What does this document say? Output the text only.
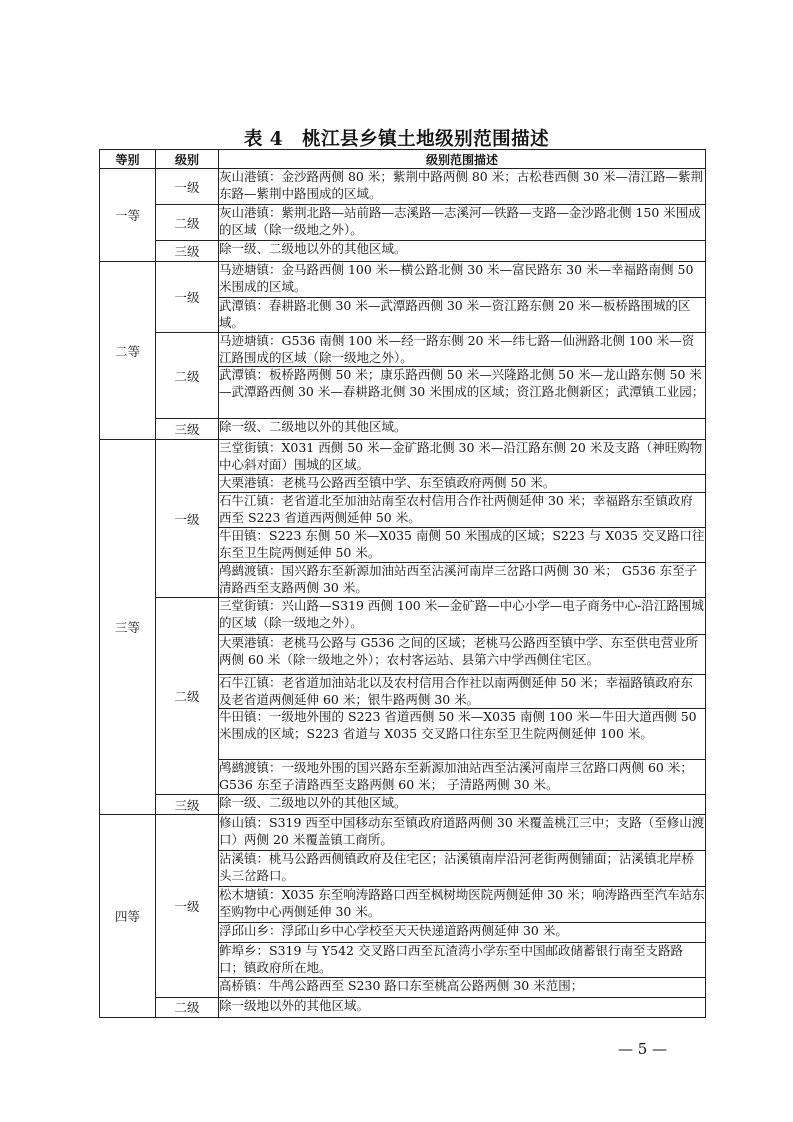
表 4　桃江县乡镇土地级别范围描述
等别	级别	级别范围描述
一等	一级	灰山港镇：金沙路两侧 80 米；紫荆中路两侧 80 米；古松巷西侧 30 米—清江路—紫荆东路—紫荆中路围成的区域。
	二级	灰山港镇：紫荆北路—站前路—志溪路—志溪河—铁路—支路—金沙路北侧 150 米围成的区域（除一级地之外）。
	三级	除一级、二级地以外的其他区域。
二等	一级	马迹塘镇：金马路西侧 100 米—横公路北侧 30 米—富民路东 30 米—幸福路南侧 50 米围成的区域。
		武潭镇：春耕路北侧 30 米—武潭路西侧 30 米—资江路东侧 20 米—板桥路围城的区域。
	二级	马迹塘镇：G536 南侧 100 米—经一路东侧 20 米—纬七路—仙洲路北侧 100 米—资江路围成的区域（除一级地之外）。
		武潭镇：板桥路两侧 50 米；康乐路西侧 50 米—兴隆路北侧 50 米—龙山路东侧 50 米—武潭路西侧 30 米—春耕路北侧 30 米围成的区域；资江路北侧新区；武潭镇工业园；
	三级	除一级、二级地以外的其他区域。
三等	一级	三堂街镇：X031 西侧 50 米—金矿路北侧 30 米—沿江路东侧 20 米及支路（神旺购物中心斜对面）围城的区域。
		大栗港镇：老桃马公路西至镇中学、东至镇政府两侧 50 米。
		石牛江镇：老省道北至加油站南至农村信用合作社两侧延伸 30 米；幸福路东至镇政府西至 S223 省道西两侧延伸 50 米。
		牛田镇：S223 东侧 50 米—X035 南侧 50 米围成的区域；S223 与 X035 交叉路口往东至卫生院两侧延伸 50 米。
		鸬鹚渡镇：国兴路东至新源加油站西至沾溪河南岸三岔路口两侧 30 米； G536 东至子清路西至支路两侧 30 米。
	二级	三堂街镇：兴山路—S319 西侧 100 米—金矿路—中心小学—电子商务中心-沿江路围城的区域（除一级地之外）。
		大栗港镇：老桃马公路与 G536 之间的区域；老桃马公路西至镇中学、东至供电营业所两侧 60 米（除一级地之外）；农村客运站、县第六中学西侧住宅区。
		石牛江镇：老省道加油站北以及农村信用合作社以南两侧延伸 50 米；幸福路镇政府东及老省道两侧延伸 60 米；银牛路两侧 30 米。
		牛田镇：一级地外围的 S223 省道西侧 50 米—X035 南侧 100 米—牛田大道西侧 50 米围成的区域；S223 省道与 X035 交叉路口往东至卫生院两侧延伸 100 米。
		鸬鹚渡镇：一级地外围的国兴路东至新源加油站西至沾溪河南岸三岔路口两侧 60 米； G536 东至子清路西至支路两侧 60 米； 子清路两侧 30 米。
	三级	除一级、二级地以外的其他区域。
四等	一级	修山镇：S319 西至中国移动东至镇政府道路两侧 30 米覆盖桃江三中；支路（至修山渡口）两侧 20 米覆盖镇工商所。
		沾溪镇：桃马公路西侧镇政府及住宅区；沾溪镇南岸沿河老街两侧铺面；沾溪镇北岸桥头三岔路口。
		松木塘镇：X035 东至响涛路路口西至枫树坳医院两侧延伸 30 米；响涛路西至汽车站东至购物中心两侧延伸 30 米。
		浮邱山乡：浮邱山乡中心学校至天天快递道路两侧延伸 30 米。
		鲊埠乡：S319 与 Y542 交叉路口西至瓦渣湾小学东至中国邮政储蓄银行南至支路路口；镇政府所在地。
		高桥镇：牛鸬公路西至 S230 路口东至桃高公路两侧 30 米范围；
	二级	除一级地以外的其他区域。
— 5 —
